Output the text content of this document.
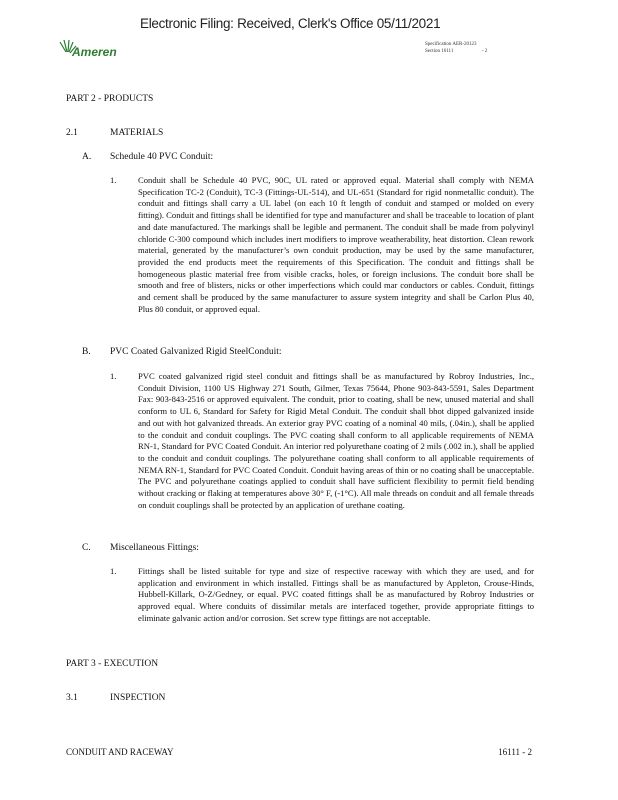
Electronic Filing: Received, Clerk's Office 05/11/2021
Ameren
Specification AER-20123
Section 16111	- 2
PART 2 - PRODUCTS
2.1	MATERIALS
A. Schedule 40 PVC Conduit:
1.	Conduit shall be Schedule 40 PVC, 90C, UL rated or approved equal. Material shall comply with NEMA Specification TC-2 (Conduit), TC-3 (Fittings-UL-514), and UL-651 (Standard for rigid nonmetallic conduit). The conduit and fittings shall carry a UL label (on each 10 ft length of conduit and stamped or molded on every fitting). Conduit and fittings shall be identified for type and manufacturer and shall be traceable to location of plant and date manufactured. The markings shall be legible and permanent. The conduit shall be made from polyvinyl chloride C-300 compound which includes inert modifiers to improve weatherability, heat distortion. Clean rework material, generated by the manufacturer’s own conduit production, may be used by the same manufacturer, provided the end products meet the requirements of this Specification. The conduit and fittings shall be homogeneous plastic material free from visible cracks, holes, or foreign inclusions. The conduit bore shall be smooth and free of blisters, nicks or other imperfections which could mar conductors or cables. Conduit, fittings and cement shall be produced by the same manufacturer to assure system integrity and shall be Carlon Plus 40, Plus 80 conduit, or approved equal.
B. PVC Coated Galvanized Rigid SteelConduit:
1.	PVC coated galvanized rigid steel conduit and fittings shall be as manufactured by Robroy Industries, Inc., Conduit Division, 1100 US Highway 271 South, Gilmer, Texas 75644, Phone 903-843-5591, Sales Department Fax: 903-843-2516 or approved equivalent. The conduit, prior to coating, shall be new, unused material and shall conform to UL 6, Standard for Safety for Rigid Metal Conduit. The conduit shall bhot dipped galvanized inside and out with hot galvanized threads. An exterior gray PVC coating of a nominal 40 mils, (.04in.), shall be applied to the conduit and conduit couplings. The PVC coating shall conform to all applicable requirements of NEMA RN-1, Standard for PVC Coated Conduit. An interior red polyurethane coating of 2 mils (.002 in.), shall be applied to the conduit and conduit couplings. The polyurethane coating shall conform to all applicable requirements of NEMA RN-1, Standard for PVC Coated Conduit. Conduit having areas of thin or no coating shall be unacceptable. The PVC and polyurethane coatings applied to conduit shall have sufficient flexibility to permit field bending without cracking or flaking at temperatures above 30° F, (-1°C). All male threads on conduit and all female threads on conduit couplings shall be protected by an application of urethane coating.
C. Miscellaneous Fittings:
1.	Fittings shall be listed suitable for type and size of respective raceway with which they are used, and for application and environment in which installed. Fittings shall be as manufactured by Appleton, Crouse-Hinds, Hubbell-Killark, O-Z/Gedney, or equal. PVC coated fittings shall be as manufactured by Robroy Industries or approved equal. Where conduits of dissimilar metals are interfaced together, provide appropriate fittings to eliminate galvanic action and/or corrosion. Set screw type fittings are not acceptable.
PART 3 - EXECUTION
3.1	INSPECTION
CONDUIT AND RACEWAY	16111 - 2
